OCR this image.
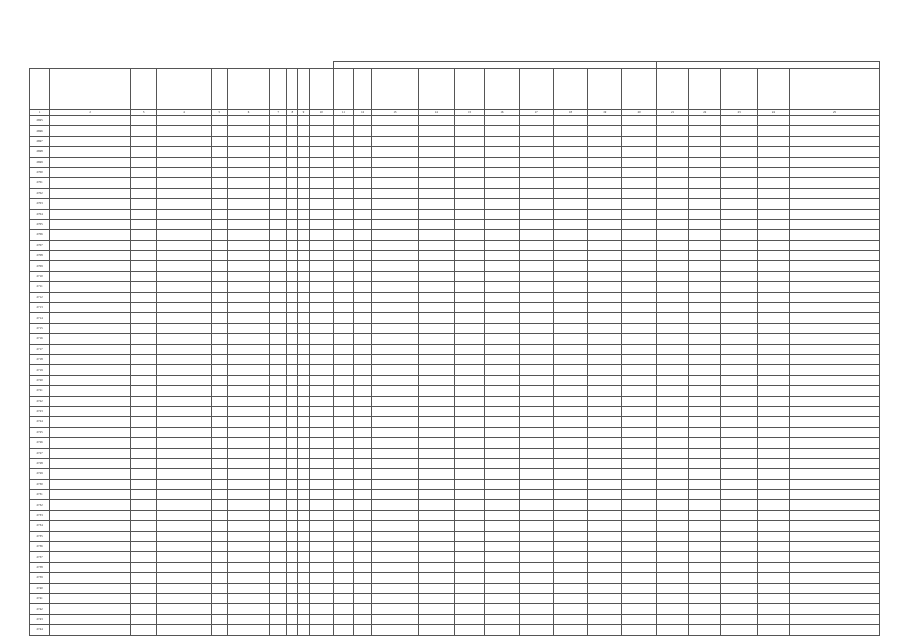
1	2	3	4	5	6	7	8	9	10	11	12	13	14	15	16	17	18	19	20	21	22	23	24	25
2695																								
2696																								
2697																								
2698																								
2699																								
2700																								
2701																								
2702																								
2703																								
2704																								
2705																								
2706																								
2707																								
2708																								
2709																								
2710																								
2711																								
2712																								
2713																								
2714																								
2715																								
2716																								
2717																								
2718																								
2719																								
2720																								
2721																								
2722																								
2723																								
2724																								
2725																								
2726																								
2727																								
2728																								
2729																								
2730																								
2731																								
2732																								
2733																								
2734																								
2735																								
2736																								
2737																								
2738																								
2739																								
2740																								
2741																								
2742																								
2743																								
2744																								
